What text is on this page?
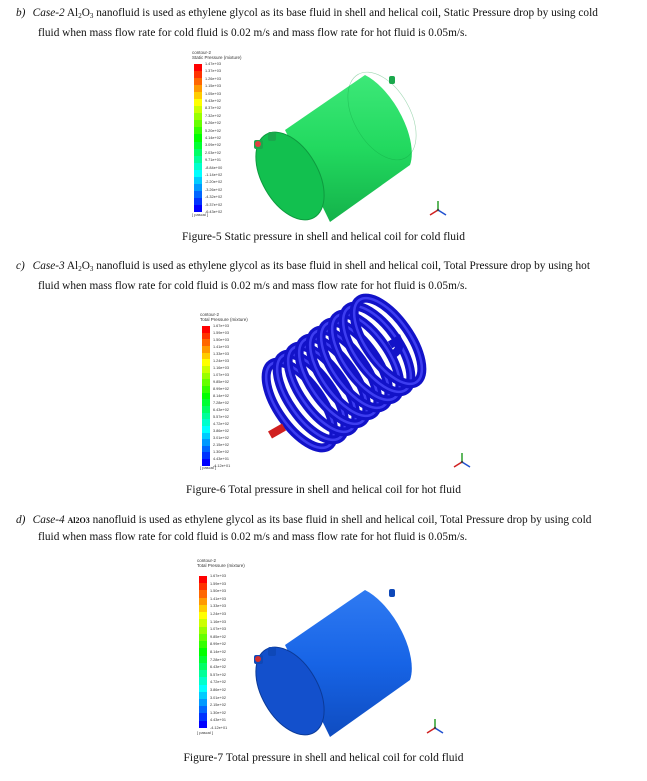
b) Case-2 $Al_2O_3$ nanofluid is used as ethylene glycol as its base fluid in shell and helical coil, Static Pressure drop by using cold
fluid when mass flow rate for cold fluid is 0.02 m/s and mass flow rate for hot fluid is 0.05m/s.
contour-2
Static Pressure (mixture)
1.47e+03
1.37e+03
1.26e+03
1.15e+03
1.05e+03
9.43e+02
8.37e+02
7.32e+02
6.26e+02
5.20e+02
4.14e+02
3.09e+02
2.03e+02
9.71e+01
-8.84e+00
-1.14e+02
-2.20e+02
-3.26e+02
-4.32e+02
-5.37e+02
-6.43e+02
[ pascal ]
Figure-5 Static pressure in shell and helical coil for cold fluid
c) Case-3 $Al_2O_3$ nanofluid is used as ethylene glycol as its base fluid in shell and helical coil, Total Pressure drop by using hot
fluid when mass flow rate for cold fluid is 0.02 m/s and mass flow rate for hot fluid is 0.05m/s.
contour-2
Total Pressure (mixture)
1.67e+03
1.59e+03
1.50e+03
1.41e+03
1.33e+03
1.24e+03
1.16e+03
1.07e+03
9.85e+02
8.99e+02
8.14e+02
7.28e+02
6.43e+02
5.57e+02
4.72e+02
3.86e+02
3.01e+02
2.15e+02
1.30e+02
4.43e+01
-4.12e+01
[ pascal ]
Figure-6 Total pressure in shell and helical coil for hot fluid
d) Case-4 Al2O3 nanofluid is used as ethylene glycol as its base fluid in shell and helical coil, Total Pressure drop by using cold
fluid when mass flow rate for cold fluid is 0.02 m/s and mass flow rate for hot fluid is 0.05m/s.
contour-2
Total Pressure (mixture)
1.67e+03
1.59e+03
1.50e+03
1.41e+03
1.33e+03
1.24e+03
1.16e+03
1.07e+03
9.85e+02
8.99e+02
8.14e+02
7.28e+02
6.43e+02
5.57e+02
4.72e+02
3.86e+02
3.01e+02
2.15e+02
1.30e+02
4.43e+01
-4.12e+01
[ pascal ]
Figure-7 Total pressure in shell and helical coil for cold fluid
